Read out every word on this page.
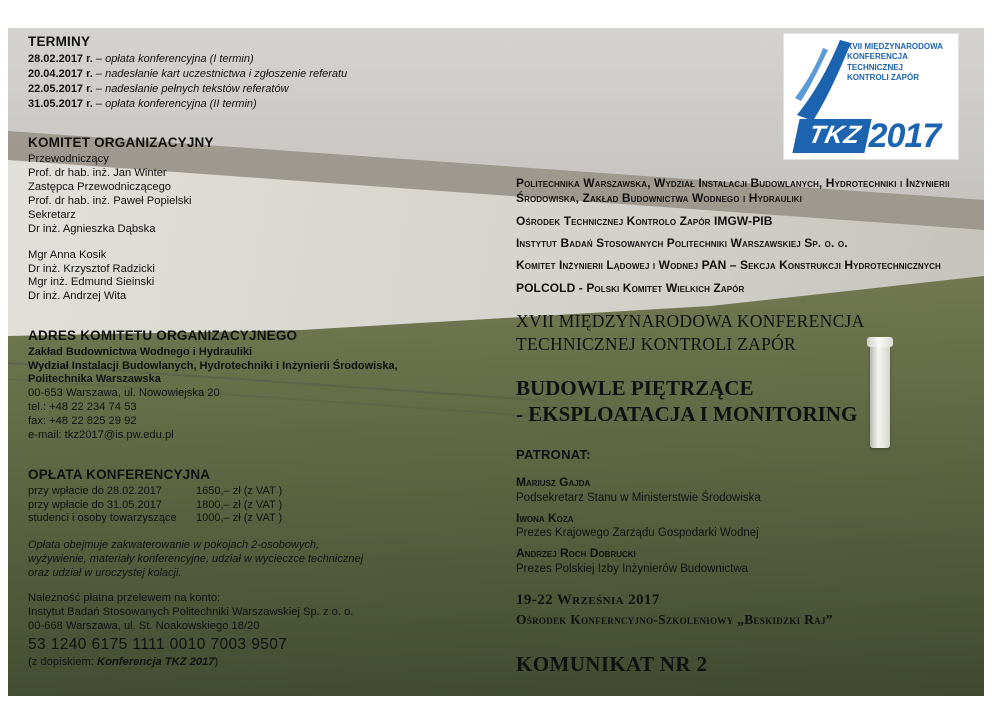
XVII MIĘDZYNARODOWA
KONFERENCJA
TECHNICZNEJ
KONTROLI ZAPÓR
TKZ 2017
TERMINY

28.02.2017 r. – opłata konferencyjna (I termin)

20.04.2017 r. – nadesłanie kart uczestnictwa i zgłoszenie referatu

22.05.2017 r. – nadesłanie pełnych tekstów referatów

31.05.2017 r. – opłata konferencyjna (II termin)

KOMITET ORGANIZACYJNY

Przewodniczący

Prof. dr hab. inż. Jan Winter

Zastępca Przewodniczącego

Prof. dr hab. inż. Paweł Popielski

Sekretarz

Dr inż. Agnieszka Dąbska

Mgr Anna Kosik

Dr inż. Krzysztof Radzicki

Mgr inż. Edmund Sieinski

Dr inż. Andrzej Wita

ADRES KOMITETU ORGANIZACYJNEGO

Zakład Budownictwa Wodnego i Hydrauliki

Wydział Instalacji Budowlanych, Hydrotechniki i Inżynierii Środowiska,

Politechnika Warszawska

00-653 Warszawa, ul. Nowowiejska 20

tel.: +48 22 234 74 53

fax: +48 22 825 29 92

e-mail: tkz2017@is.pw.edu.pl

OPŁATA KONFERENCYJNA
przy wpłacie do 28.02.2017	1650,– zł (z VAT )
przy wpłacie do 31.05.2017	1800,– zł (z VAT )
studenci i osoby towarzyszące	1000,– zł (z VAT )

Opłata obejmuje zakwaterowanie w pokojach 2-osobowych, wyżywienie, materiały konferencyjne, udział w wycieczce technicznej oraz udział w uroczystej kolacji.

Należność płatna przelewem na konto:

Instytut Badań Stosowanych Politechniki Warszawskiej Sp. z o. o.

00-668 Warszawa, ul. St. Noakowskiego 18/20

53 1240 6175 1111 0010 7003 9507

(z dopiskiem: Konferencja TKZ 2017)

Politechnika Warszawska, Wydział Instalacji Budowlanych, Hydrotechniki i Inżynierii Środowiska, Zakład Budownictwa Wodnego i Hydrauliki

Ośrodek Technicznej Kontrolo Zapór IMGW-PIB

Instytut Badań Stosowanych Politechniki Warszawskiej Sp. o. o.

Komitet Inżynierii Lądowej i Wodnej PAN – Sekcja Konstrukcji Hydrotechnicznych

POLCOLD - Polski Komitet Wielkich Zapór

XVII MIĘDZYNARODOWA KONFERENCJA
TECHNICZNEJ KONTROLI ZAPÓR
BUDOWLE PIĘTRZĄCE
- EKSPLOATACJA I MONITORING
PATRONAT:
Mariusz Gajda
Podsekretarz Stanu w Ministerstwie Środowiska
Iwona Koza
Prezes Krajowego Zarządu Gospodarki Wodnej
Andrzej Roch Dobrucki
Prezes Polskiej Izby Inżynierów Budownictwa
19-22 Września 2017
Ośrodek Konferncyjno-Szkoleniowy „Beskidzki Raj”
KOMUNIKAT NR 2
